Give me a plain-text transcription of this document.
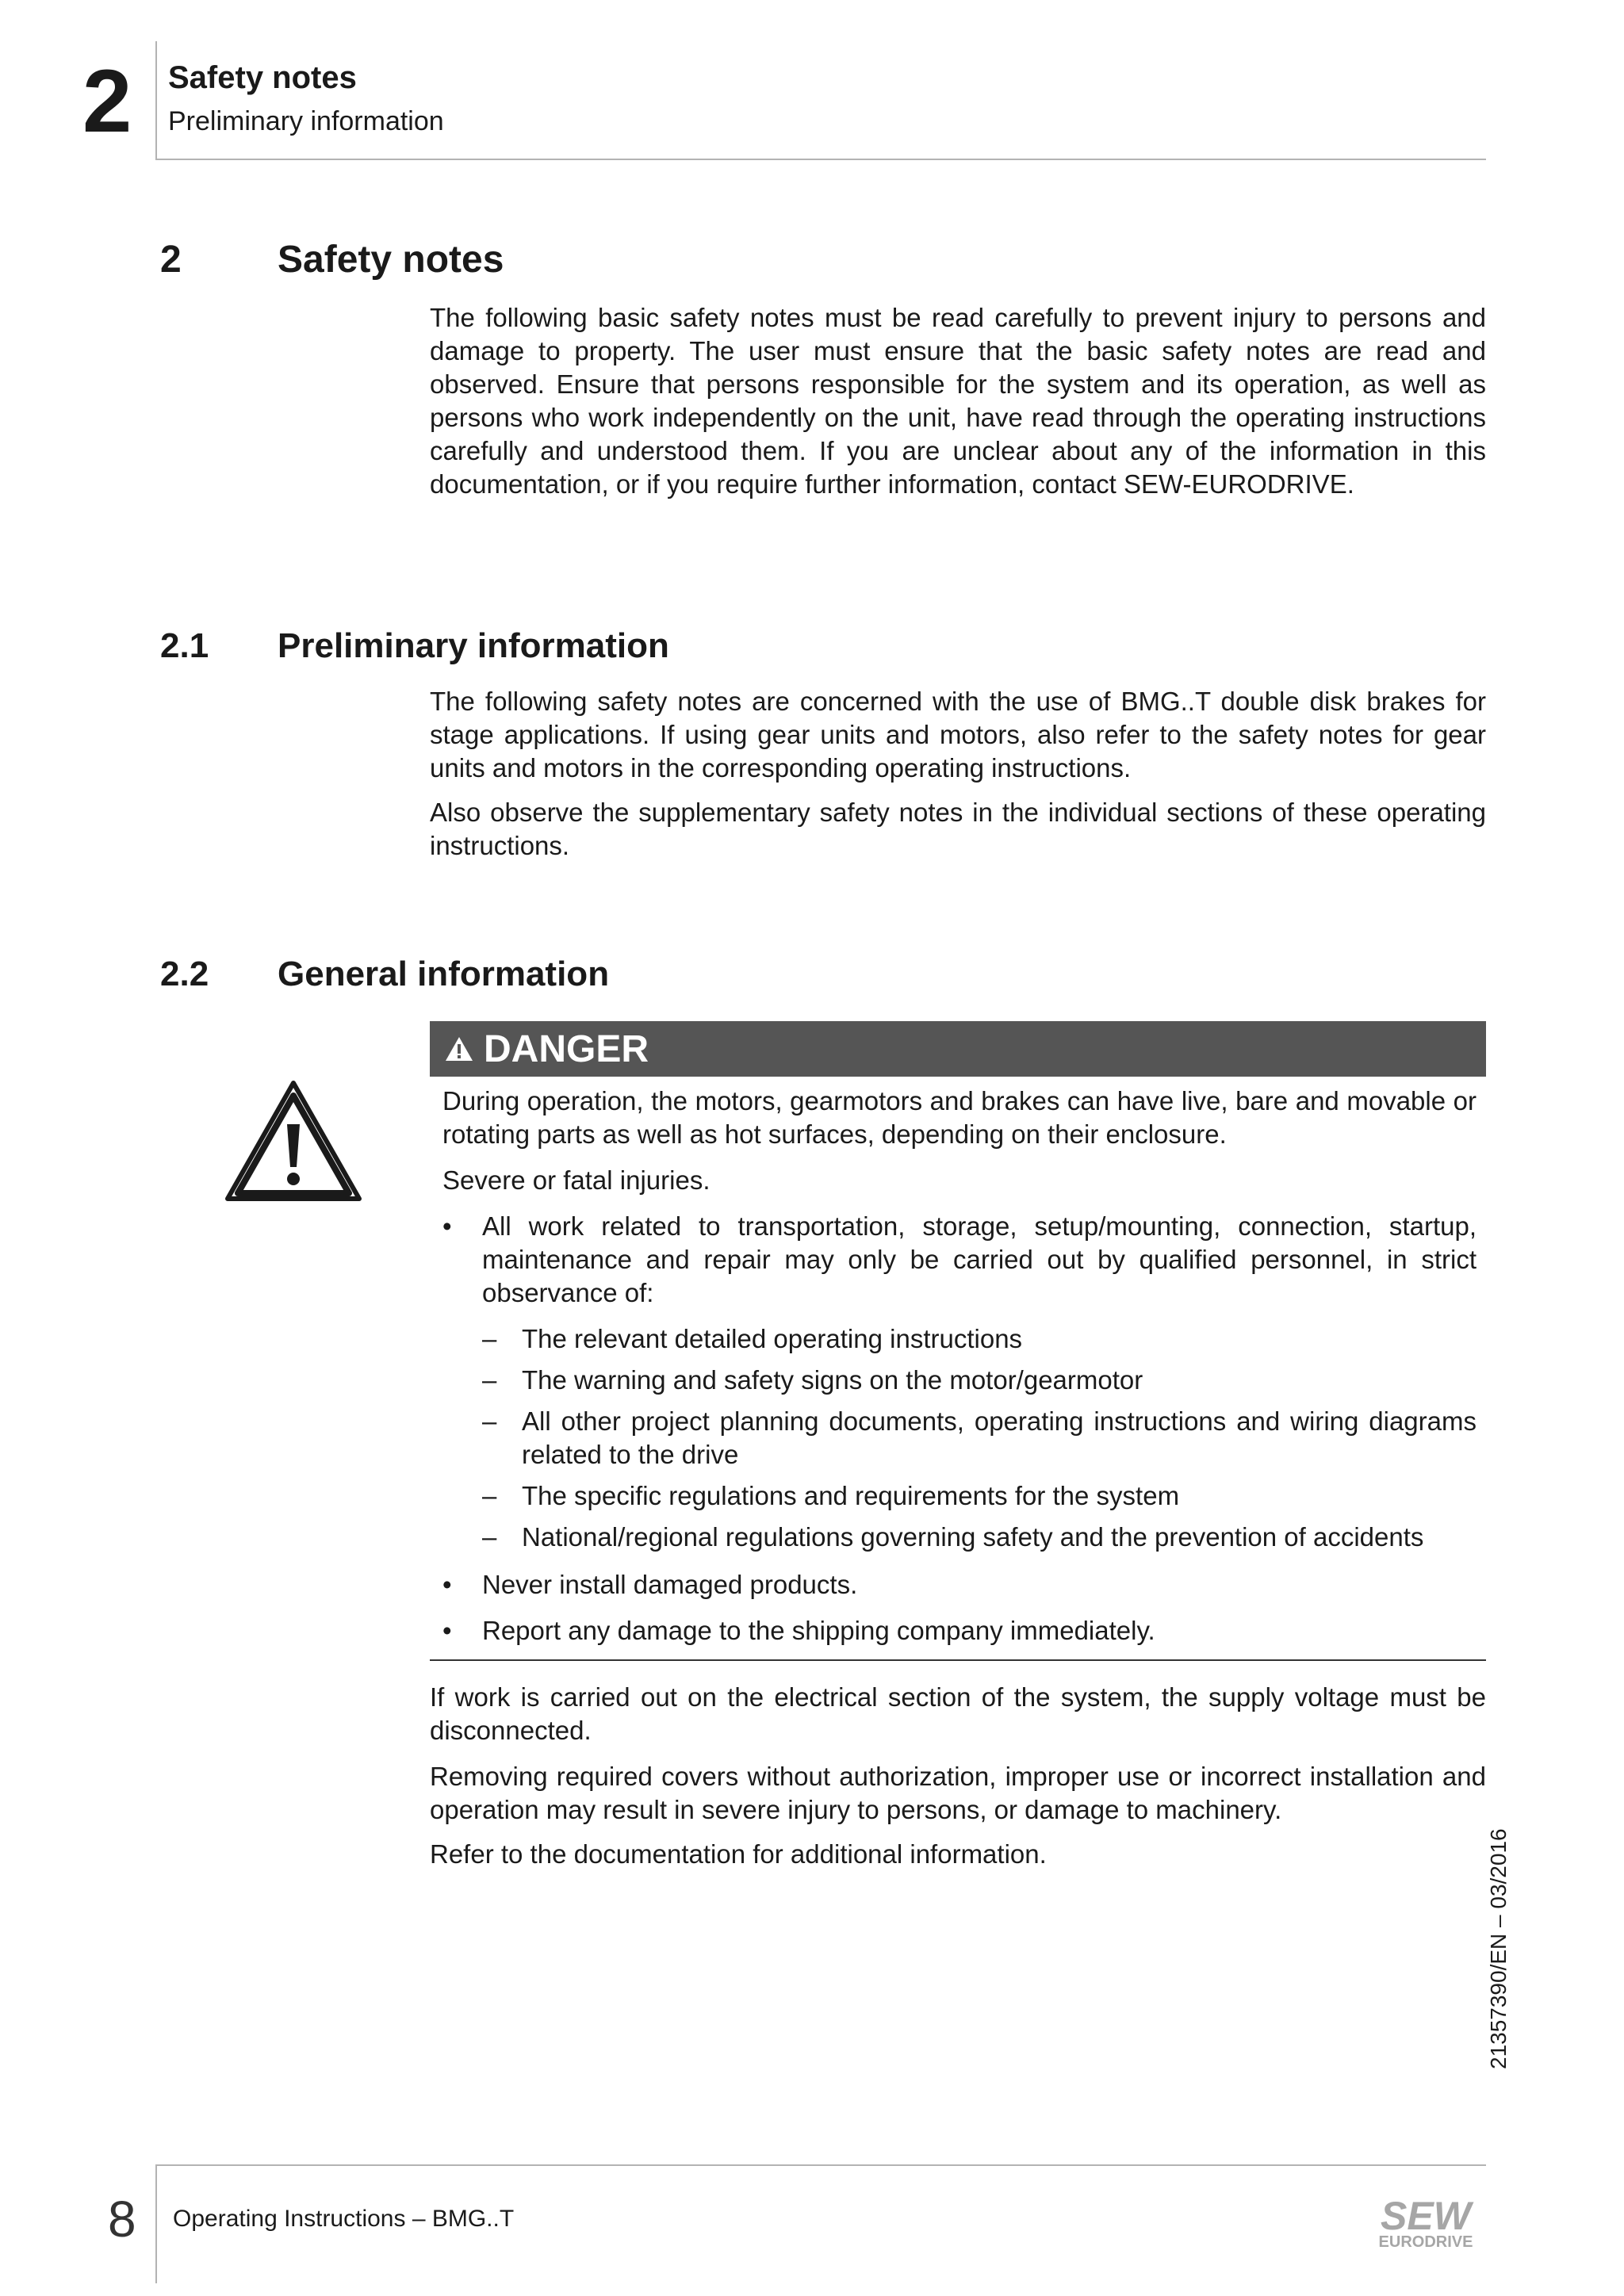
2 Safety notes
Preliminary information
2	Safety notes
The following basic safety notes must be read carefully to prevent injury to persons and damage to property. The user must ensure that the basic safety notes are read and observed. Ensure that persons responsible for the system and its operation, as well as persons who work independently on the unit, have read through the operating instructions carefully and understood them. If you are unclear about any of the information in this documentation, or if you require further information, contact SEW-EURODRIVE.
2.1 Preliminary information
The following safety notes are concerned with the use of BMG..T double disk brakes for stage applications. If using gear units and motors, also refer to the safety notes for gear units and motors in the corresponding operating instructions.
Also observe the supplementary safety notes in the individual sections of these operating instructions.
2.2 General information
DANGER

During operation, the motors, gearmotors and brakes can have live, bare and movable or rotating parts as well as hot surfaces, depending on their enclosure.

Severe or fatal injuries.

• All work related to transportation, storage, setup/mounting, connection, startup, maintenance and repair may only be carried out by qualified personnel, in strict observance of:
– The relevant detailed operating instructions
– The warning and safety signs on the motor/gearmotor
– All other project planning documents, operating instructions and wiring diagrams related to the drive
– The specific regulations and requirements for the system
– National/regional regulations governing safety and the prevention of accidents
• Never install damaged products.
• Report any damage to the shipping company immediately.
If work is carried out on the electrical section of the system, the supply voltage must be disconnected.
Removing required covers without authorization, improper use or incorrect installation and operation may result in severe injury to persons, or damage to machinery.
Refer to the documentation for additional information.	21357390/EN – 03/2016
8 Operating Instructions – BMG..T	SEW
EURODRIVE
